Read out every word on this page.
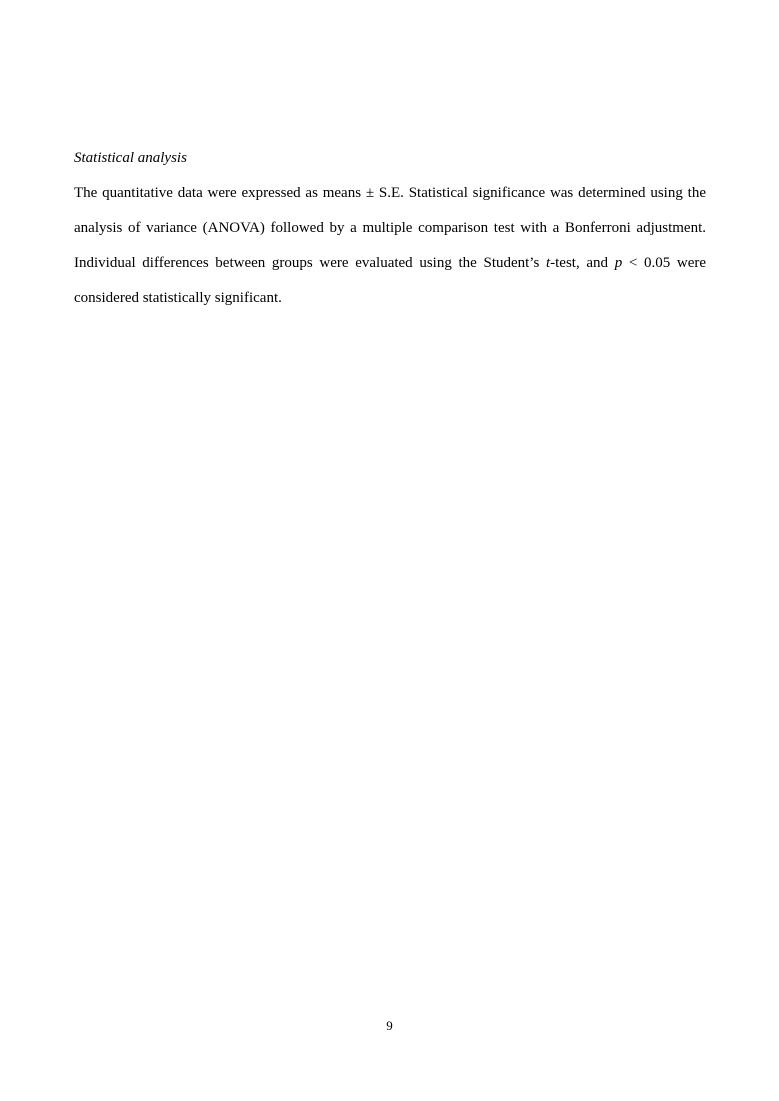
Statistical analysis

The quantitative data were expressed as means ± S.E. Statistical significance was determined using the analysis of variance (ANOVA) followed by a multiple comparison test with a Bonferroni adjustment. Individual differences between groups were evaluated using the Student’s t-test, and p < 0.05 were considered statistically significant.

9
